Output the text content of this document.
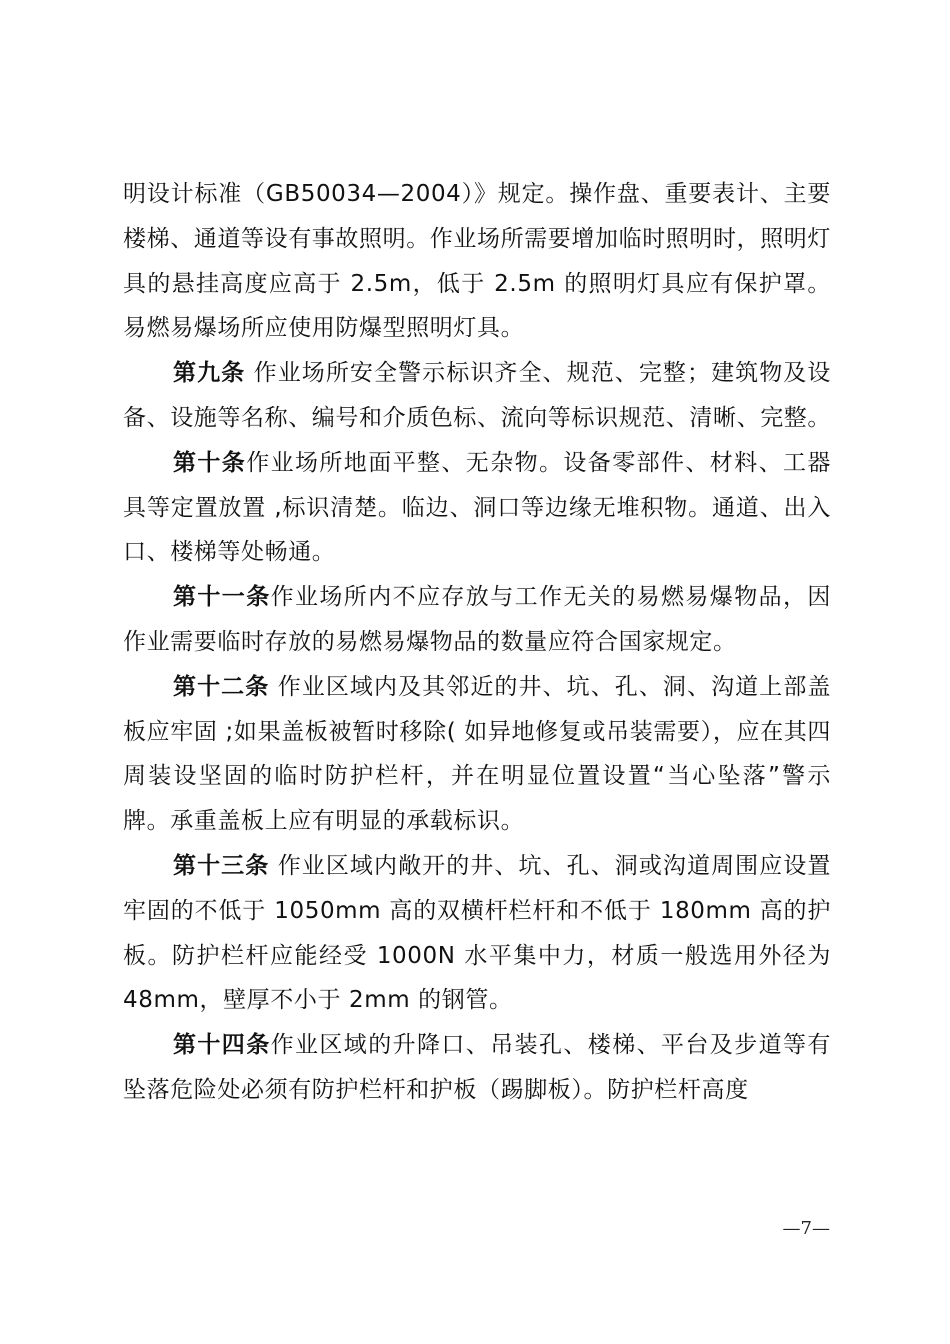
明设计标准（GB50034—2004）》规定。操作盘、重要表计、主要楼梯、通道等设有事故照明。作业场所需要增加临时照明时，照明灯具的悬挂高度应高于 2.5m，低于 2.5m 的照明灯具应有保护罩。易燃易爆场所应使用防爆型照明灯具。

第九条 作业场所安全警示标识齐全、规范、完整；建筑物及设备、设施等名称、编号和介质色标、流向等标识规范、清晰、完整。

第十条作业场所地面平整、无杂物。设备零部件、材料、工器具等定置放置 ,标识清楚。临边、洞口等边缘无堆积物。通道、出入口、楼梯等处畅通。

第十一条作业场所内不应存放与工作无关的易燃易爆物品，因作业需要临时存放的易燃易爆物品的数量应符合国家规定。

第十二条 作业区域内及其邻近的井、坑、孔、洞、沟道上部盖板应牢固 ;如果盖板被暂时移除( 如异地修复或吊装需要），应在其四周装设坚固的临时防护栏杆，并在明显位置设置“当心坠落”警示牌。承重盖板上应有明显的承载标识。

第十三条 作业区域内敞开的井、坑、孔、洞或沟道周围应设置牢固的不低于 1050mm 高的双横杆栏杆和不低于 180mm 高的护板。防护栏杆应能经受 1000N 水平集中力，材质一般选用外径为 48mm，壁厚不小于 2mm 的钢管。

第十四条作业区域的升降口、吊装孔、楼梯、平台及步道等有坠落危险处必须有防护栏杆和护板（踢脚板）。防护栏杆高度

—7—
